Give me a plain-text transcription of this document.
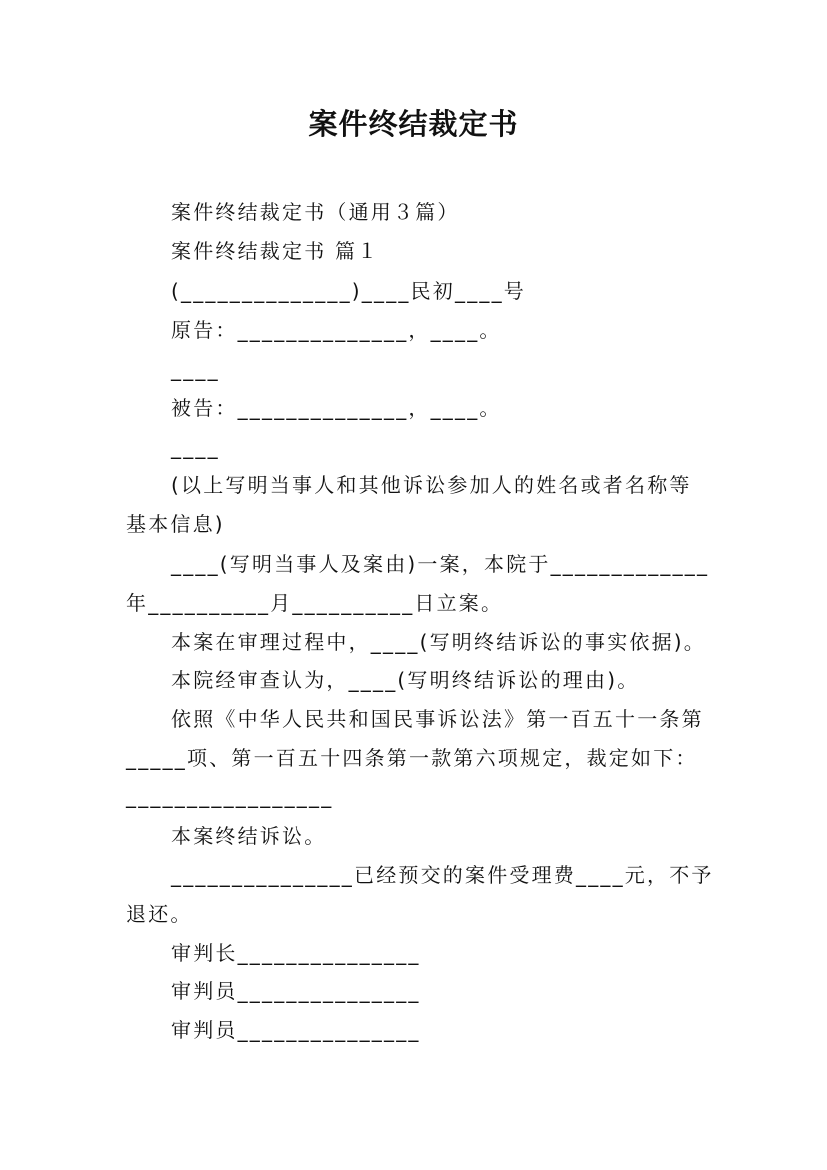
案件终结裁定书
案件终结裁定书（通用３篇）
案件终结裁定书 篇１
(______________)____民初____号
原告：______________，____。
____
被告：______________，____。
____
(以上写明当事人和其他诉讼参加人的姓名或者名称等
基本信息)
____(写明当事人及案由)一案，本院于_____________
年__________月__________日立案。
本案在审理过程中，____(写明终结诉讼的事实依据)。
本院经审查认为，____(写明终结诉讼的理由)。
依照《中华人民共和国民事诉讼法》第一百五十一条第
_____项、第一百五十四条第一款第六项规定，裁定如下：
_________________
本案终结诉讼。
_______________已经预交的案件受理费____元，不予
退还。
审判长_______________
审判员_______________
审判员_______________
